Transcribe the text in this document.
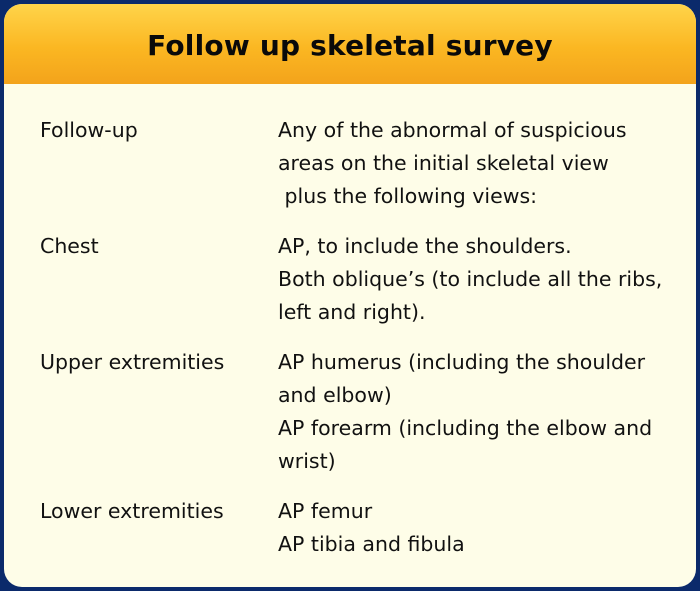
Follow up skeletal survey
Follow-up	Any of the abnormal of suspicious
areas on the initial skeletal view
plus the following views:
Chest	AP, to include the shoulders.
Both oblique’s (to include all the ribs,
left and right).
Upper extremities	AP humerus (including the shoulder
and elbow)
AP forearm (including the elbow and
wrist)
Lower extremities	AP femur
AP tibia and fibula
